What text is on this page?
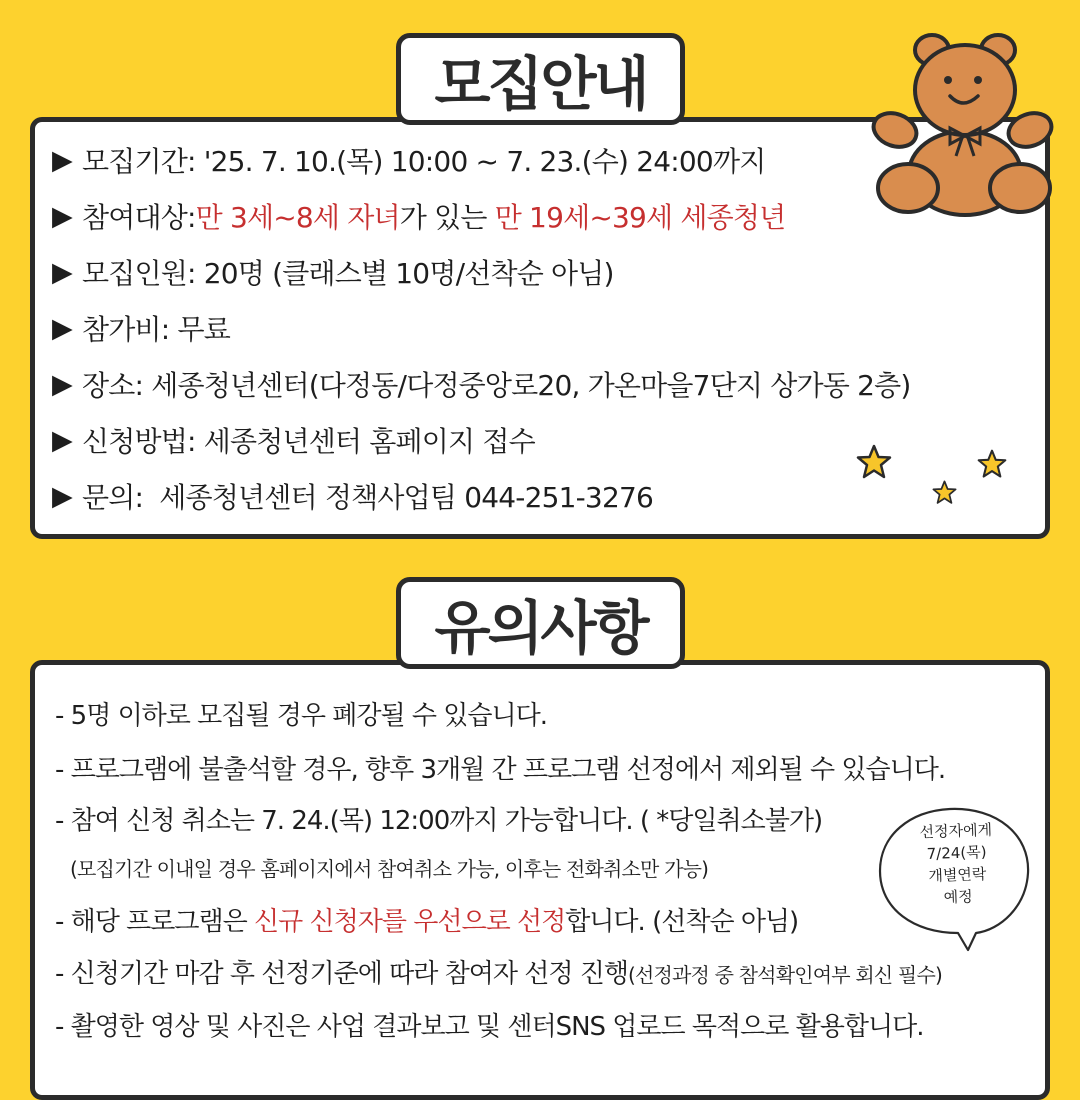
모집안내
▶ 모집기간: '25. 7. 10.(목) 10:00 ~ 7. 23.(수) 24:00까지
▶ 참여대상: 만 3세~8세 자녀 가 있는 만 19세~39세 세종청년
▶ 모집인원: 20명 (클래스별 10명/선착순 아님)
▶ 참가비: 무료
▶ 장소: 세종청년센터(다정동/다정중앙로20, 가온마을7단지 상가동 2층)
▶ 신청방법: 세종청년센터 홈페이지 접수
▶ 문의:  세종청년센터 정책사업팀 044-251-3276
유의사항
- 5명 이하로 모집될 경우 폐강될 수 있습니다.
- 프로그램에 불출석할 경우, 향후 3개월 간 프로그램 선정에서 제외될 수 있습니다.
- 참여 신청 취소는 7. 24.(목) 12:00까지 가능합니다. ( *당일취소불가)
(모집기간 이내일 경우 홈페이지에서 참여취소 가능, 이후는 전화취소만 가능)
- 해당 프로그램은 신규 신청자를 우선으로 선정합니다. (선착순 아님)
- 신청기간 마감 후 선정기준에 따라 참여자 선정 진행(선정과정 중 참석확인여부 회신 필수)
- 촬영한 영상 및 사진은 사업 결과보고 및 센터SNS 업로드 목적으로 활용합니다.
선정자에게
7/24(목)
개별연락
예정
